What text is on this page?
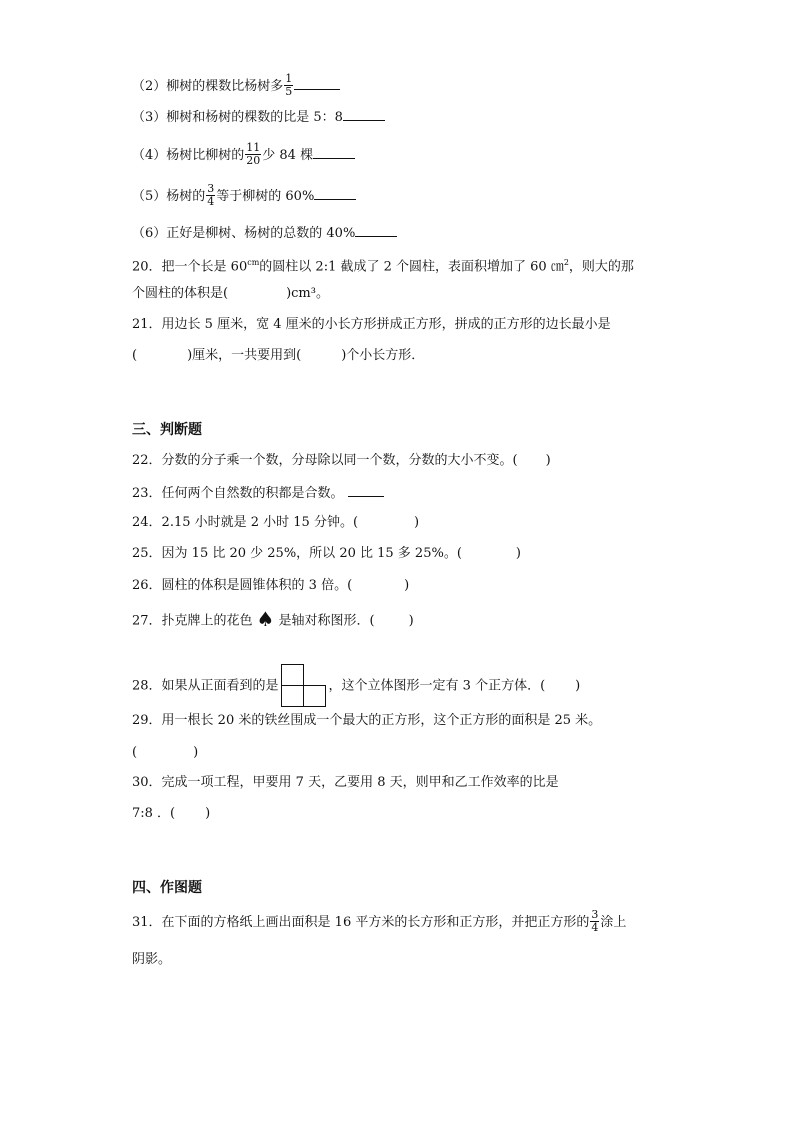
（2）柳树的棵数比杨树多 $\frac{1}{5}$
（3）柳树和杨树的棵数的比是 5：8
（4）杨树比柳树的 $\frac{11}{20}$ 少 84 棵
（5）杨树的 $\frac{3}{4}$ 等于柳树的 60%
（6）正好是柳树、杨树的总数的 40%
20．把一个长是 $60^{cm}$的圆柱以 2:1 截成了 2 个圆柱，表面积增加了 60 ㎝$^2$，则大的那
个圆柱的体积是(	)cm³。
21．用边长 5 厘米，宽 4 厘米的小长方形拼成正方形，拼成的正方形的边长最小是
(	)厘米，一共要用到(	)个小长方形．
三、判断题
22．分数的分子乘一个数，分母除以同一个数，分数的大小不变。( )
23．任何两个自然数的积都是合数。
24．2.15 小时就是 2 小时 15 分钟。(	)
25．因为 15 比 20 少 25%，所以 20 比 15 多 25%。(	)
26．圆柱的体积是圆锥体积的 3 倍。(	)
27．扑克牌上的花色 ♠ 是轴对称图形．(	)
28．如果从正面看到的是	，这个立体图形一定有 3 个正方体．( )
29．用一根长 20 米的铁丝围成一个最大的正方形，这个正方形的面积是 25 米。
(	)
30．完成一项工程，甲要用 7 天，乙要用 8 天，则甲和乙工作效率的比是
7:8 ．( )
四、作图题
31．在下面的方格纸上画出面积是 16 平方米的长方形和正方形，并把正方形的 $\frac{3}{4}$ 涂上
阴影。
